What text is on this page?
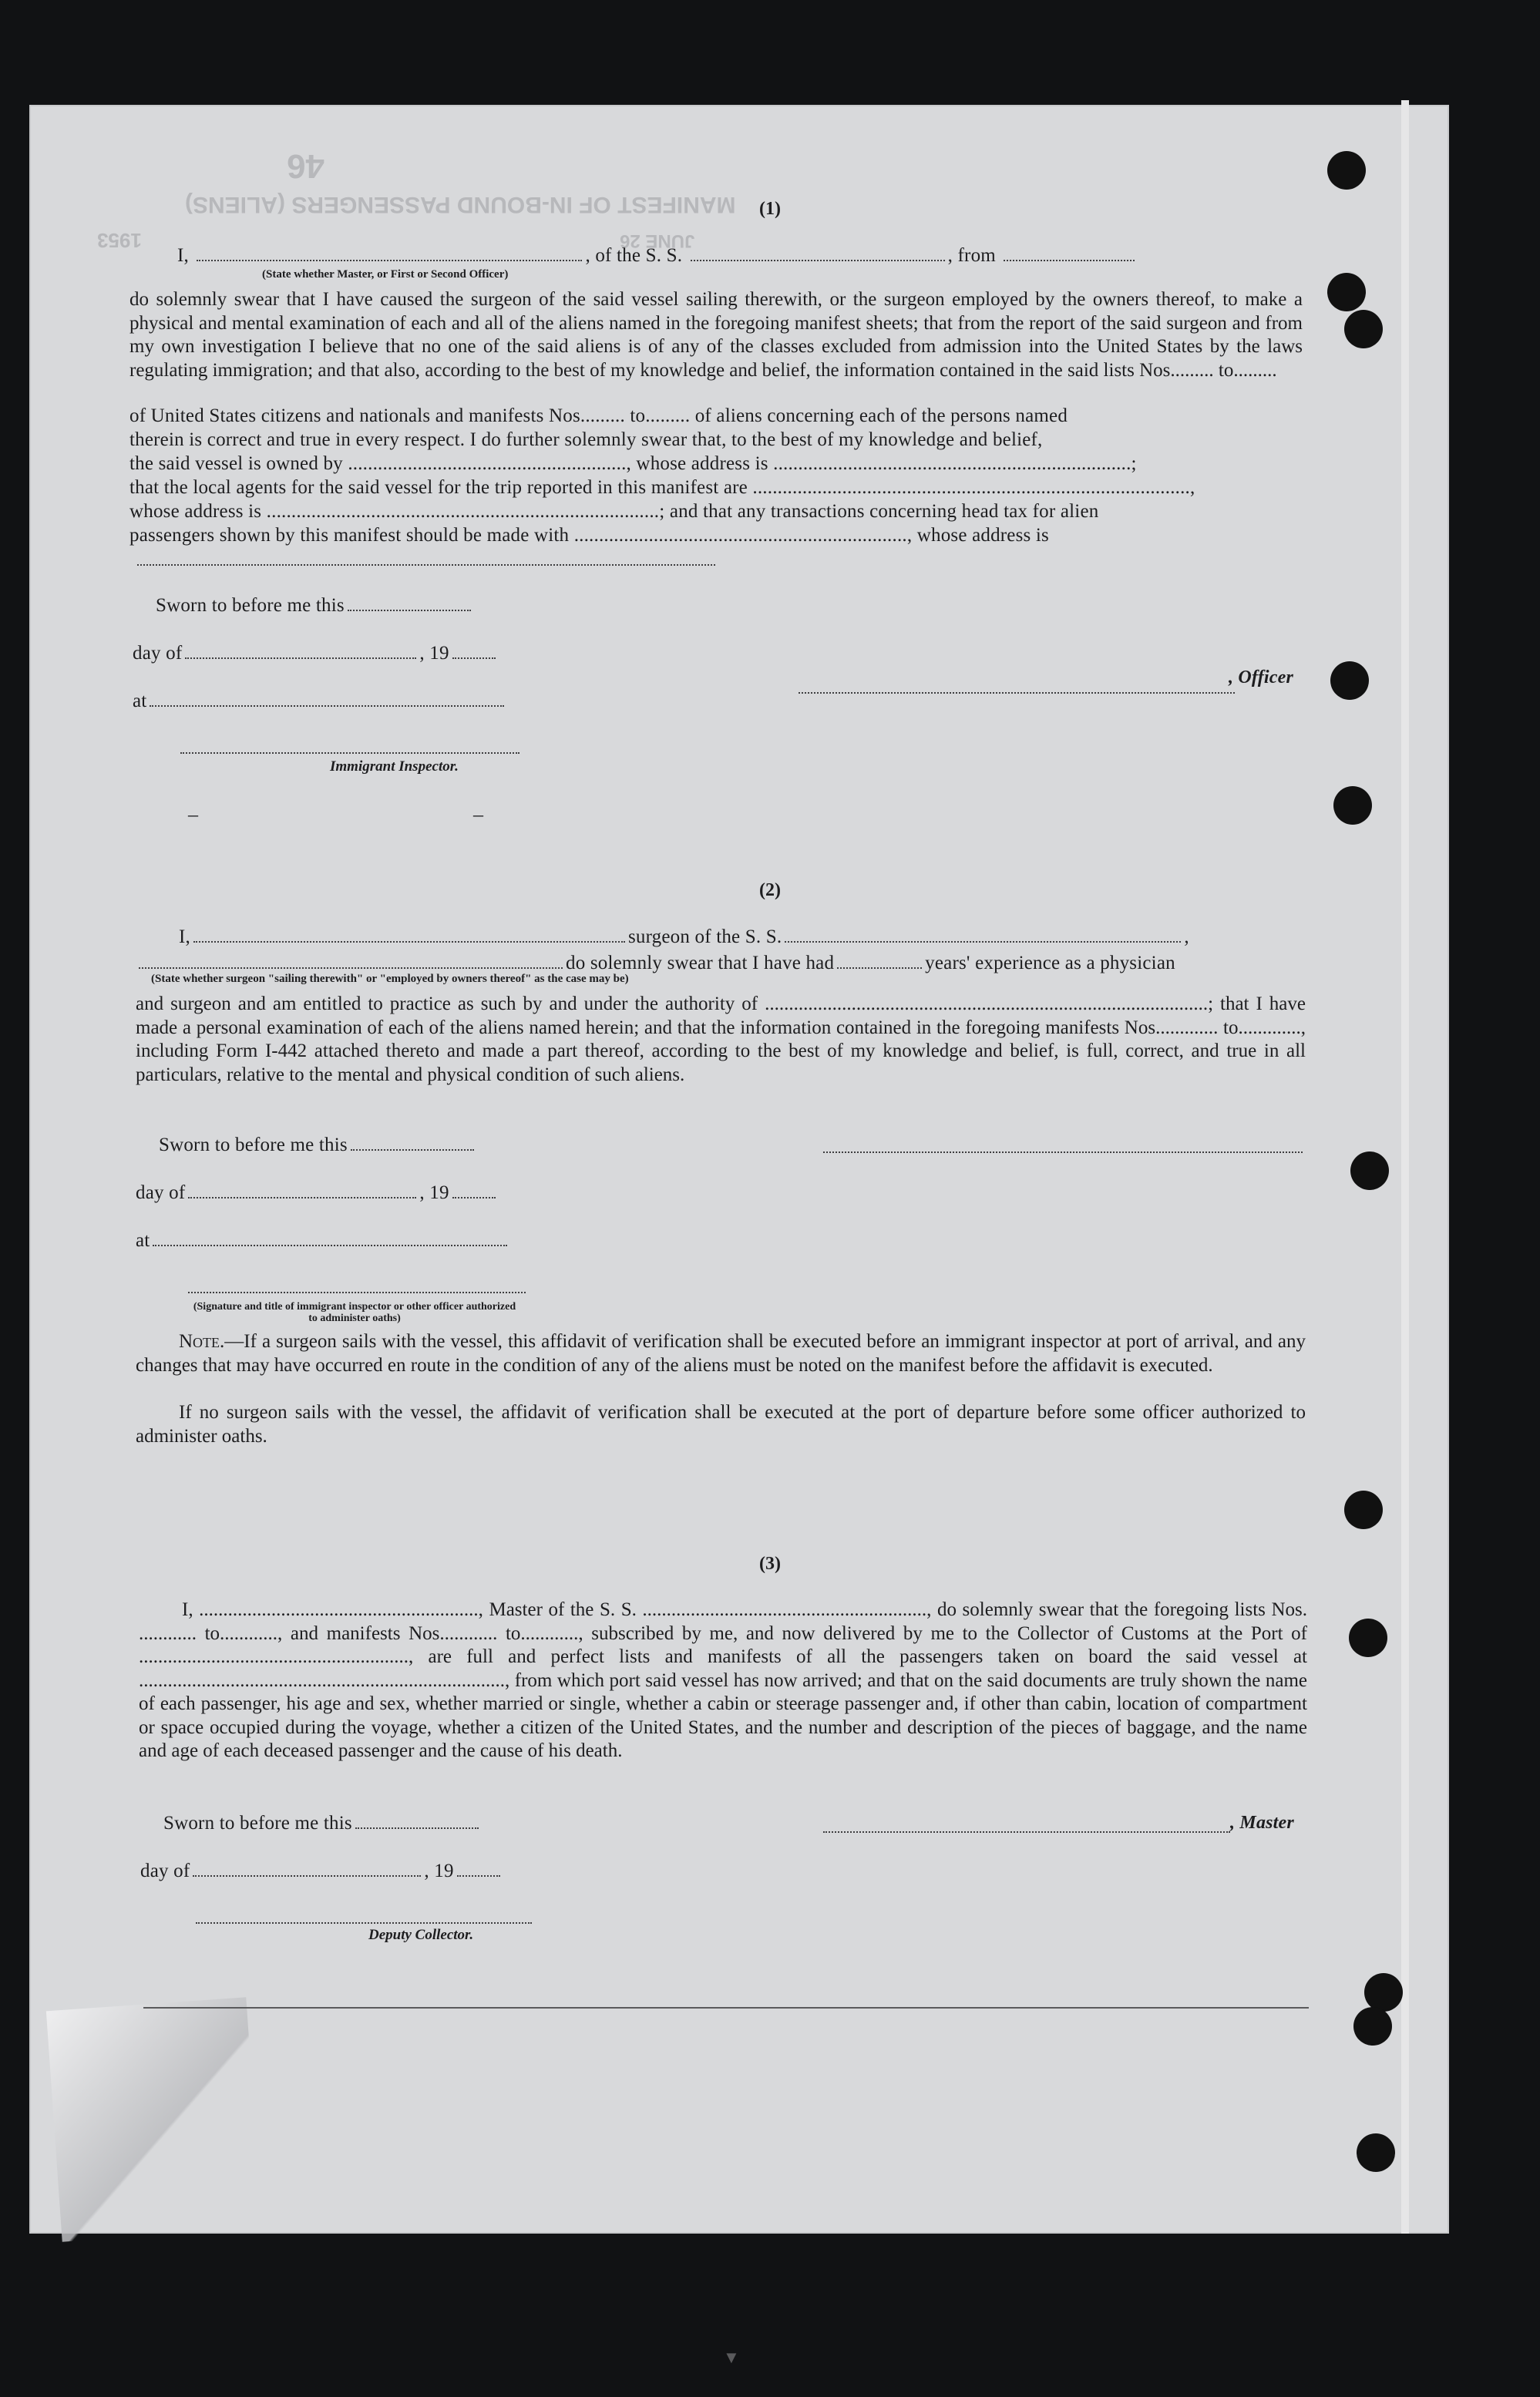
MANIFEST OF IN-BOUND PASSENGERS (ALIENS)
46
JUNE 26
1953
(1)
I,	, of the S. S.	, from
(State whether Master, or First or Second Officer)
do solemnly swear that I have caused the surgeon of the said vessel sailing therewith, or the surgeon employed by the owners thereof, to make a physical and mental examination of each and all of the aliens named in the foregoing manifest sheets; that from the report of the said surgeon and from my own investigation I believe that no one of the said aliens is of any of the classes excluded from admission into the United States by the laws regulating immigration; and that also, according to the best of my knowledge and belief, the information contained in the said lists Nos......... to.........
of United States citizens and nationals and manifests Nos......... to......... of aliens concerning each of the persons named
therein is correct and true in every respect. I do further solemnly swear that, to the best of my knowledge and belief,
the said vessel is owned by ........................................................, whose address is ........................................................................;
that the local agents for the said vessel for the trip reported in this manifest are ........................................................................................,
whose address is ...............................................................................; and that any transactions concerning head tax for alien
passengers shown by this manifest should be made with ..................................................................., whose address is
Sworn to before me this
day of	, 19
at
Immigrant Inspector.
, Officer
–	–
(2)
I,	surgeon of the S. S.	,
do solemnly swear that I have had	years' experience as a physician
(State whether surgeon "sailing therewith" or "employed by owners thereof" as the case may be)
and surgeon and am entitled to practice as such by and under the authority of ............................................................................................; that I have made a personal examination of each of the aliens named herein; and that the information contained in the foregoing manifests Nos............. to............., including Form I-442 attached thereto and made a part thereof, according to the best of my knowledge and belief, is full, correct, and true in all particulars, relative to the mental and physical condition of such aliens.
Sworn to before me this
day of	, 19
at
(Signature and title of immigrant inspector or other officer authorized to administer oaths)
Note.—If a surgeon sails with the vessel, this affidavit of verification shall be executed before an immigrant inspector at port of arrival, and any changes that may have occurred en route in the condition of any of the aliens must be noted on the manifest before the affidavit is executed.
If no surgeon sails with the vessel, the affidavit of verification shall be executed at the port of departure before some officer authorized to administer oaths.
(3)
I, .........................................................., Master of the S. S. ..........................................................., do solemnly swear that the foregoing lists Nos. ............ to............, and manifests Nos............ to............, subscribed by me, and now delivered by me to the Collector of Customs at the Port of ........................................................, are full and perfect lists and manifests of all the passengers taken on board the said vessel at ............................................................................, from which port said vessel has now arrived; and that on the said documents are truly shown the name of each passenger, his age and sex, whether married or single, whether a cabin or steerage passenger and, if other than cabin, location of compartment or space occupied during the voyage, whether a citizen of the United States, and the number and description of the pieces of baggage, and the name and age of each deceased passenger and the cause of his death.
Sworn to before me this	, Master
day of	, 19
Deputy Collector.
▼
